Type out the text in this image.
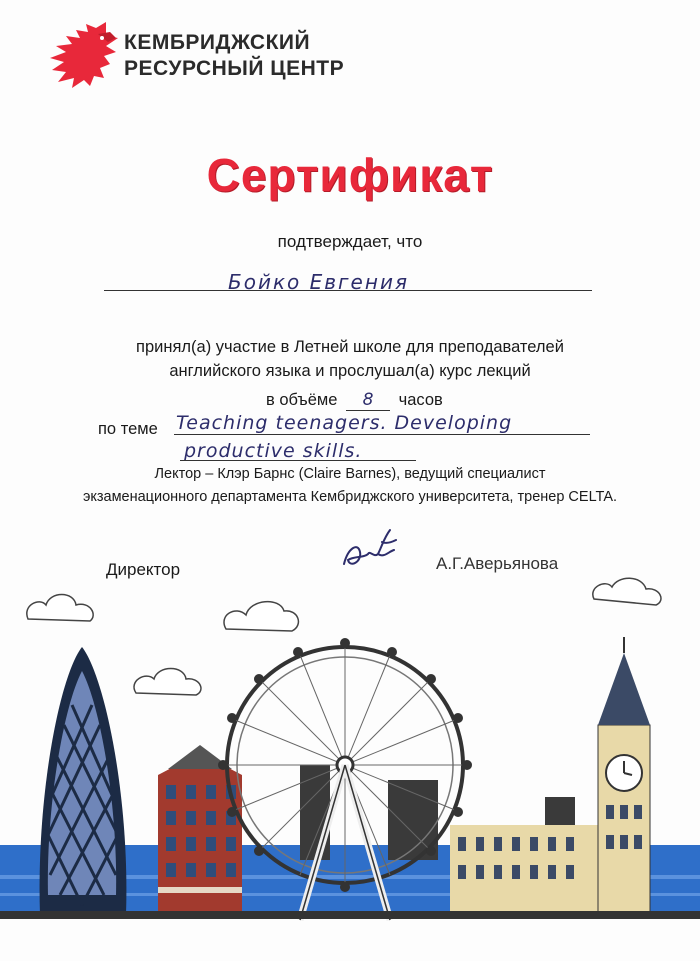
КЕМБРИДЖСКИЙ
РЕСУРСНЫЙ ЦЕНТР
Сертификат
подтверждает, что
Бойко Евгения
принял(а) участие в Летней школе для преподавателей
английского языка и прослушал(а) курс лекций
в объёме 8 часов
по теме Teaching teenagers. Developing
productive skills.
Лектор – Клэр Барнс (Claire Barnes), ведущий специалист
экзаменационного департамента Кембриджского университета, тренер CELTA.
Директор	А.Г.Аверьянова
